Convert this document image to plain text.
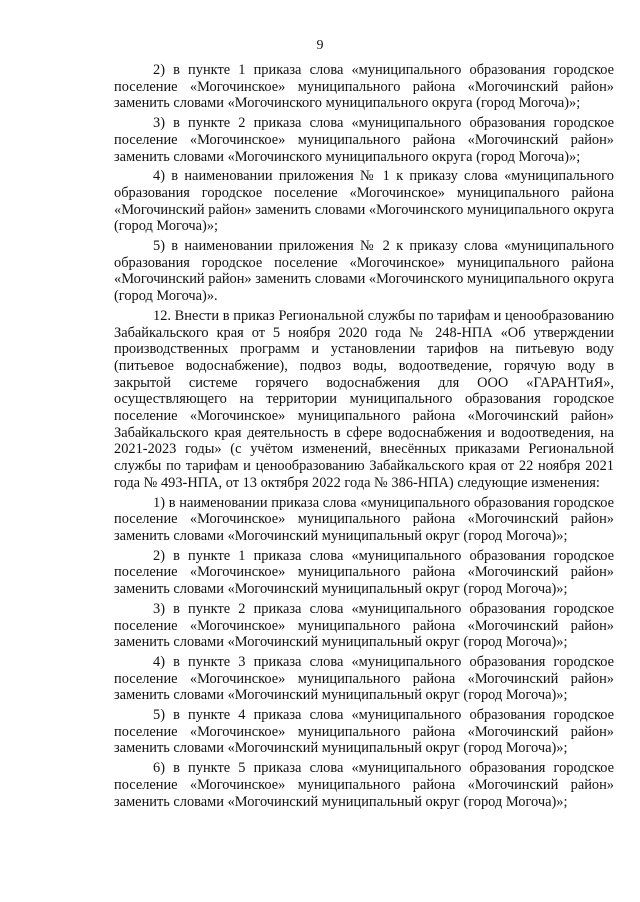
9

2) в пункте 1 приказа слова «муниципального образования городское поселение «Могочинское» муниципального района «Могочинский район» заменить словами «Могочинского муниципального округа (город Могоча)»;

3) в пункте 2 приказа слова «муниципального образования городское поселение «Могочинское» муниципального района «Могочинский район» заменить словами «Могочинского муниципального округа (город Могоча)»;

4) в наименовании приложения № 1 к приказу слова «муниципального образования городское поселение «Могочинское» муниципального района «Могочинский район» заменить словами «Могочинского муниципального округа (город Могоча)»;

5) в наименовании приложения № 2 к приказу слова «муниципального образования городское поселение «Могочинское» муниципального района «Могочинский район» заменить словами «Могочинского муниципального округа (город Могоча)».

12. Внести в приказ Региональной службы по тарифам и ценообразованию Забайкальского края от 5 ноября 2020 года № 248-НПА «Об утверждении производственных программ и установлении тарифов на питьевую воду (питьевое водоснабжение), подвоз воды, водоотведение, горячую воду в закрытой системе горячего водоснабжения для ООО «ГАРАНТиЯ», осуществляющего на территории муниципального образования городское поселение «Могочинское» муниципального района «Могочинский район» Забайкальского края деятельность в сфере водоснабжения и водоотведения, на 2021-2023 годы» (с учётом изменений, внесённых приказами Региональной службы по тарифам и ценообразованию Забайкальского края от 22 ноября 2021 года № 493-НПА, от 13 октября 2022 года № 386-НПА) следующие изменения:

1) в наименовании приказа слова «муниципального образования городское поселение «Могочинское» муниципального района «Могочинский район» заменить словами «Могочинский муниципальный округ (город Могоча)»;

2) в пункте 1 приказа слова «муниципального образования городское поселение «Могочинское» муниципального района «Могочинский район» заменить словами «Могочинский муниципальный округ (город Могоча)»;

3) в пункте 2 приказа слова «муниципального образования городское поселение «Могочинское» муниципального района «Могочинский район» заменить словами «Могочинский муниципальный округ (город Могоча)»;

4) в пункте 3 приказа слова «муниципального образования городское поселение «Могочинское» муниципального района «Могочинский район» заменить словами «Могочинский муниципальный округ (город Могоча)»;

5) в пункте 4 приказа слова «муниципального образования городское поселение «Могочинское» муниципального района «Могочинский район» заменить словами «Могочинский муниципальный округ (город Могоча)»;

6) в пункте 5 приказа слова «муниципального образования городское поселение «Могочинское» муниципального района «Могочинский район» заменить словами «Могочинский муниципальный округ (город Могоча)»;
